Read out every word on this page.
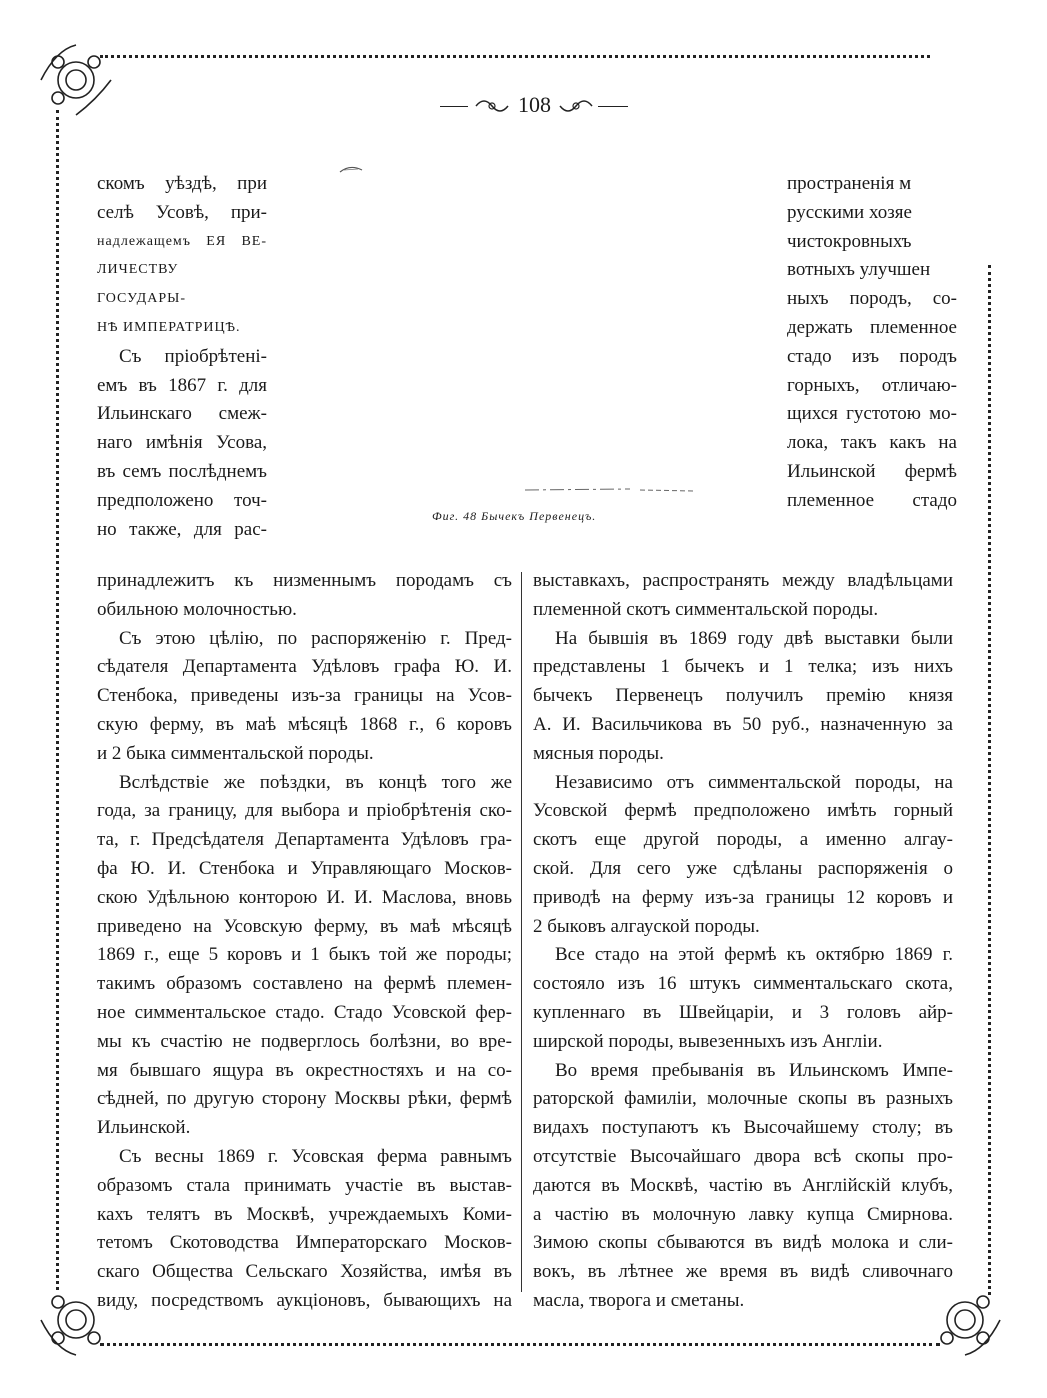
108
скомъ уѣздѣ, при
селѣ Усовѣ, при-
надлежащемъ ЕЯ ВЕ-
ЛИЧЕСТВУ ГОСУДАРЫ-
НѢ ИМПЕРАТРИЦѢ.
Съ пріобрѣтені-
емъ въ 1867 г. для
Ильинскаго смеж-
наго имѣнія Усова,
въ семъ послѣднемъ
предположено точ-
но также, для рас-
Фиг. 48 Бычекъ Первенецъ.
пространенія м
русскими хозяе
чистокровныхъ
вотныхъ улучшен
ныхъ породъ, со-
держать племенное
стадо изъ породъ
горныхъ, отличаю-
щихся густотою мо-
лока, такъ какъ на
Ильинской фермѣ
племенное стадо
принадлежитъ къ низменнымъ породамъ съ
обильною молочностью.
Съ этою цѣлію, по распоряженію г. Пред-
сѣдателя Департамента Удѣловъ графа Ю. И.
Стенбока, приведены изъ-за границы на Усов-
скую ферму, въ маѣ мѣсяцѣ 1868 г., 6 коровъ
и 2 быка симментальской породы.
Вслѣдствіе же поѣздки, въ концѣ того же
года, за границу, для выбора и пріобрѣтенія ско-
та, г. Предсѣдателя Департамента Удѣловъ гра-
фа Ю. И. Стенбока и Управляющаго Москов-
скою Удѣльною конторою И. И. Маслова, вновь
приведено на Усовскую ферму, въ маѣ мѣсяцѣ
1869 г., еще 5 коровъ и 1 быкъ той же породы;
такимъ образомъ составлено на фермѣ племен-
ное симментальское стадо. Стадо Усовской фер-
мы къ счастію не подверглось болѣзни, во вре-
мя бывшаго ящура въ окрестностяхъ и на со-
сѣдней, по другую сторону Москвы рѣки, фермѣ
Ильинской.
Съ весны 1869 г. Усовская ферма равнымъ
образомъ стала принимать участіе въ выстав-
кахъ телятъ въ Москвѣ, учреждаемыхъ Коми-
тетомъ Скотоводства Императорскаго Москов-
скаго Общества Сельскаго Хозяйства, имѣя въ
виду, посредствомъ аукціоновъ, бывающихъ на
выставкахъ, распространять между владѣльцами
племенной скотъ симментальской породы.
На бывшія въ 1869 году двѣ выставки были
представлены 1 бычекъ и 1 телка; изъ нихъ
бычекъ Первенецъ получилъ премію князя
А. И. Васильчикова въ 50 руб., назначенную за
мясныя породы.
Независимо отъ симментальской породы, на
Усовской фермѣ предположено имѣть горный
скотъ еще другой породы, а именно алгау-
ской. Для сего уже сдѣланы распоряженія о
приводѣ на ферму изъ-за границы 12 коровъ и
2 быковъ алгауской породы.
Все стадо на этой фермѣ къ октябрю 1869 г.
состояло изъ 16 штукъ симментальскаго скота,
купленнаго въ Швейцаріи, и 3 головъ айр-
ширской породы, вывезенныхъ изъ Англіи.
Во время пребыванія въ Ильинскомъ Импе-
раторской фамиліи, молочные скопы въ разныхъ
видахъ поступаютъ къ Высочайшему столу; въ
отсутствіе Высочайшаго двора всѣ скопы про-
даются въ Москвѣ, частію въ Англійскій клубъ,
а частію въ молочную лавку купца Смирнова.
Зимою скопы сбываются въ видѣ молока и сли-
вокъ, въ лѣтнее же время въ видѣ сливочнаго
масла, творога и сметаны.
